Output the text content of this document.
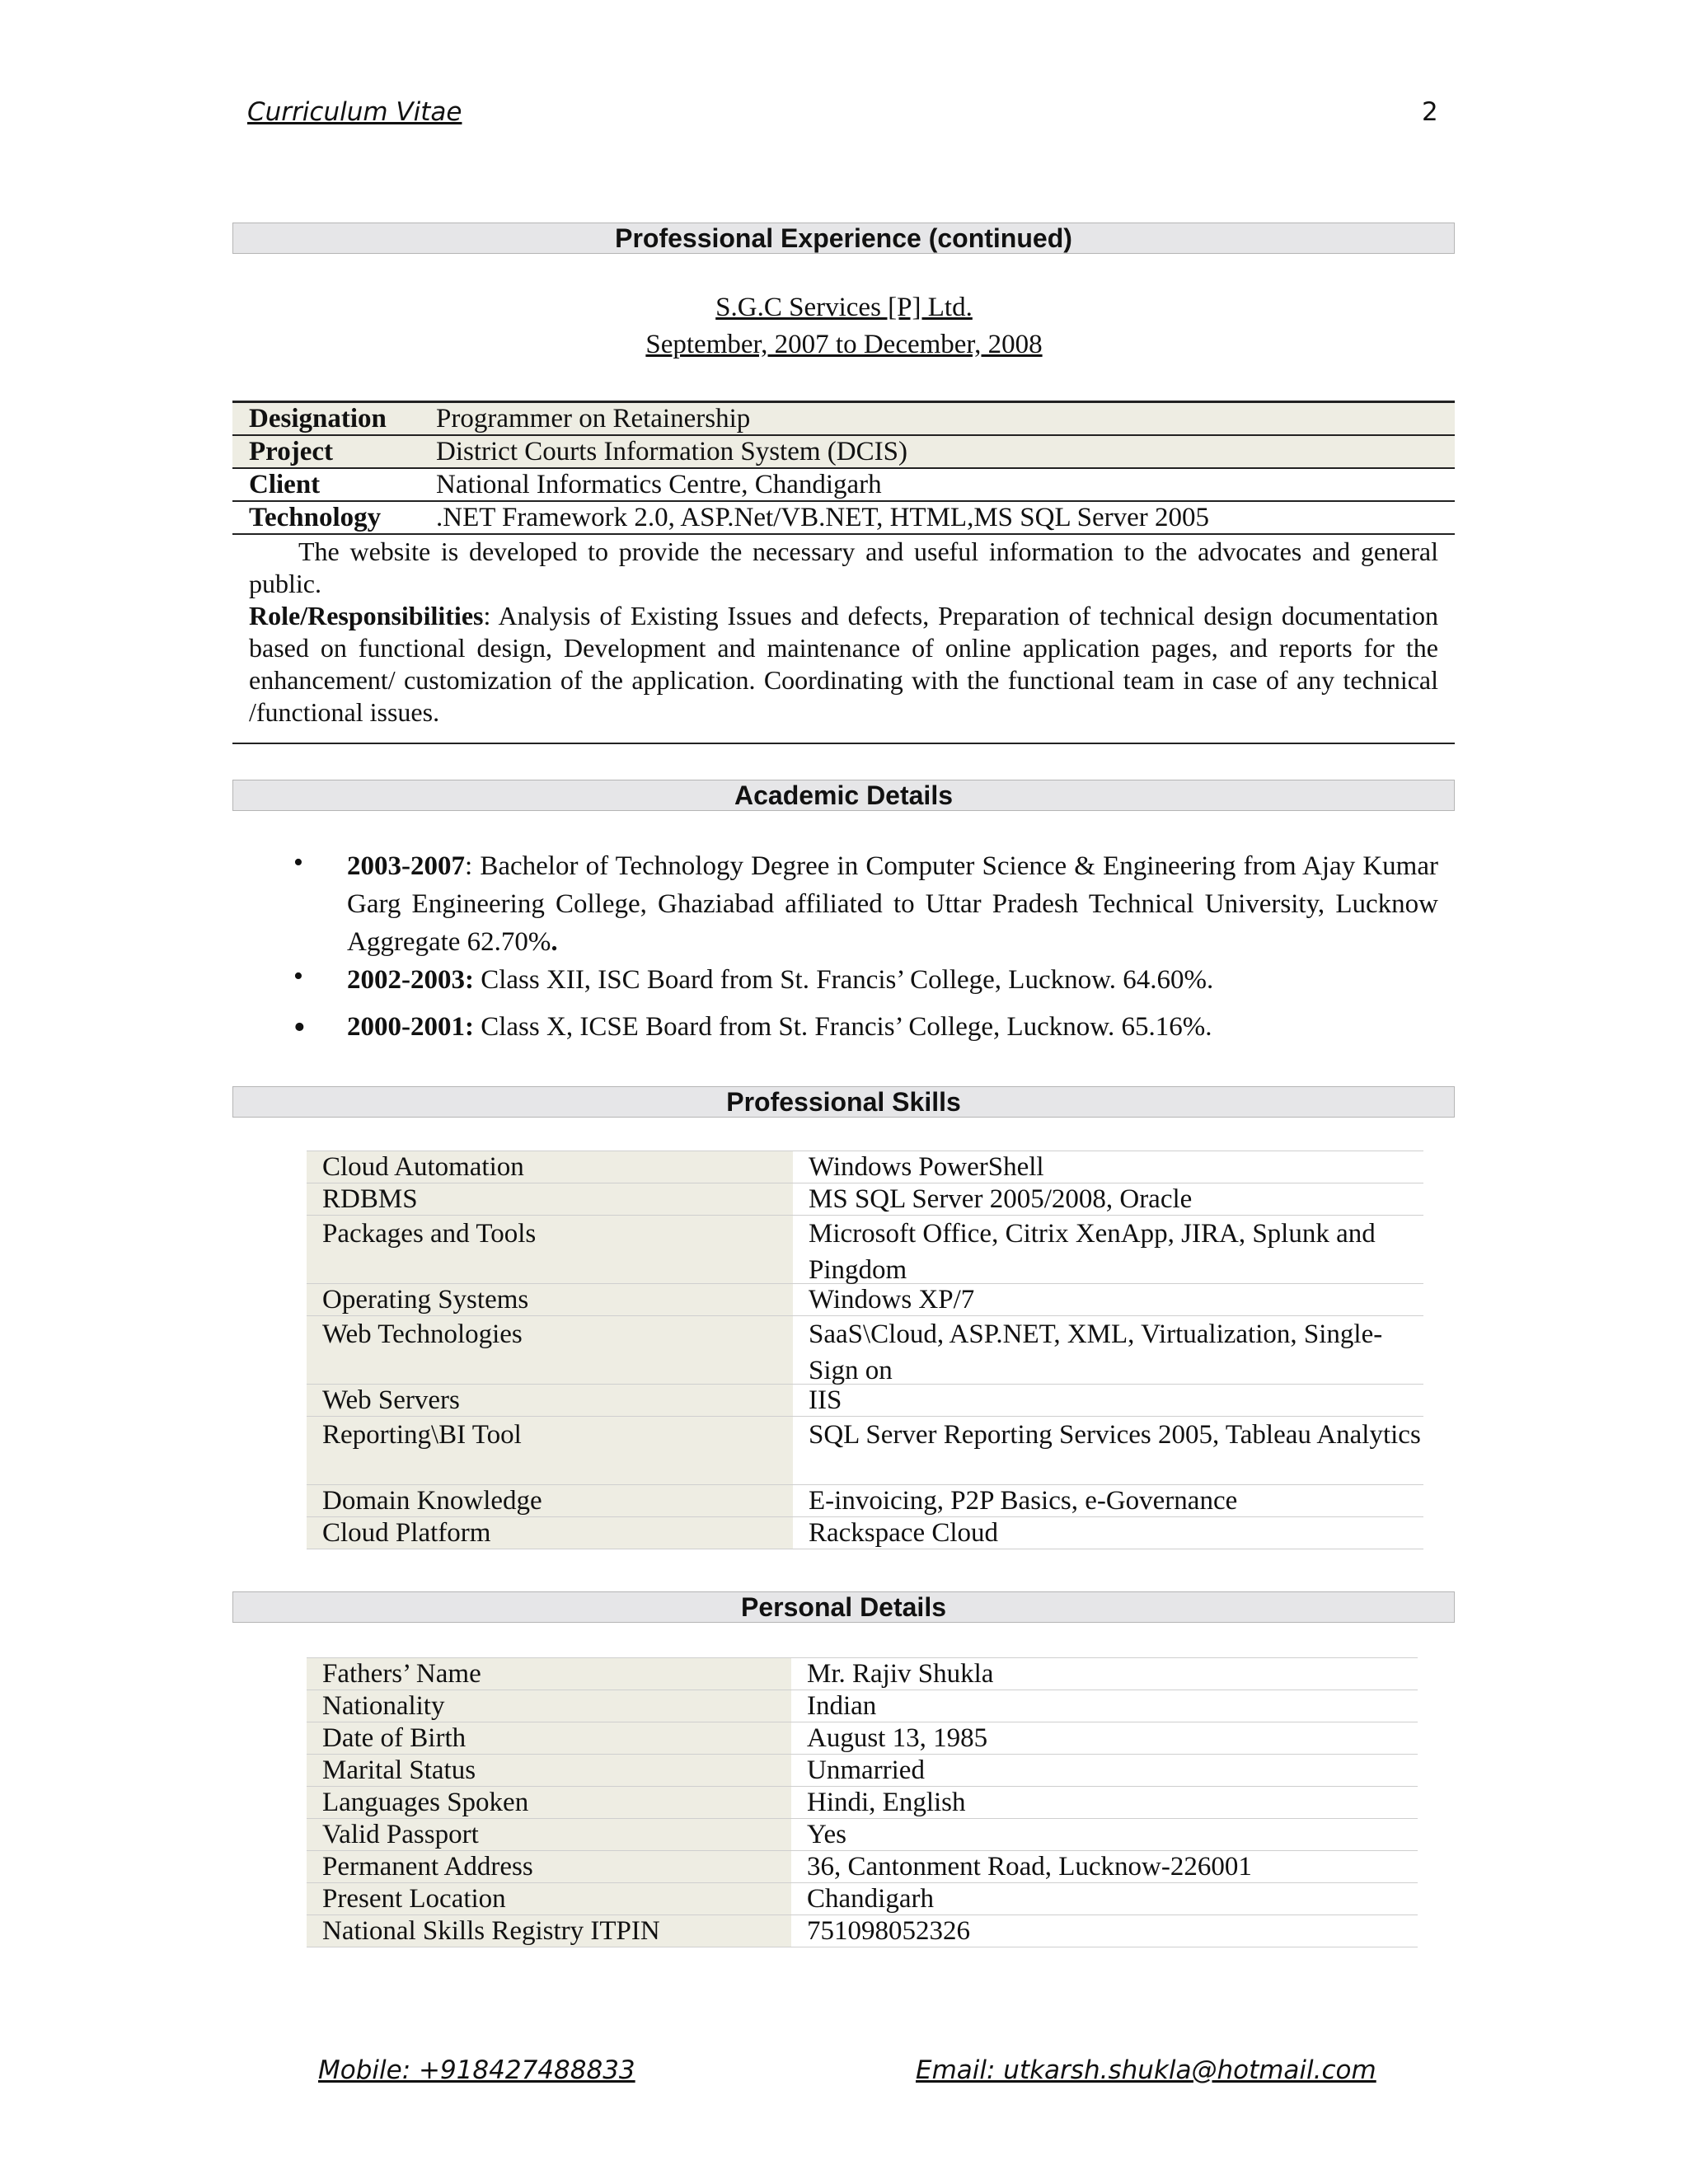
Curriculum Vitae	2
Professional Experience (continued)
S.G.C Services [P] Ltd.
September, 2007 to December, 2008
Designation	Programmer on Retainership
Project	District Courts Information System (DCIS)
Client	National Informatics Centre, Chandigarh
Technology	.NET Framework 2.0, ASP.Net/VB.NET, HTML,MS SQL Server 2005
The website is developed to provide the necessary and useful information to the advocates and general public.
Role/Responsibilities: Analysis of Existing Issues and defects, Preparation of technical design documentation based on functional design, Development and maintenance of online application pages, and reports for the enhancement/ customization of the application. Coordinating with the functional team in case of any technical /functional issues.
Academic Details
•	2003-2007: Bachelor of Technology Degree in Computer Science & Engineering from Ajay Kumar Garg Engineering College, Ghaziabad affiliated to Uttar Pradesh Technical University, Lucknow Aggregate 62.70%.
•	2002-2003: Class XII, ISC Board from St. Francis’ College, Lucknow. 64.60%.
•	2000-2001: Class X, ICSE Board from St. Francis’ College, Lucknow. 65.16%.
Professional Skills
Cloud Automation	Windows PowerShell
RDBMS	MS SQL Server 2005/2008, Oracle
Packages and Tools	Microsoft Office, Citrix XenApp, JIRA, Splunk and Pingdom
Operating Systems	Windows XP/7
Web Technologies	SaaS\Cloud, ASP.NET, XML, Virtualization, Single-Sign on
Web Servers	IIS
Reporting\BI Tool	SQL Server Reporting Services 2005, Tableau Analytics
Domain Knowledge	E-invoicing, P2P Basics, e-Governance
Cloud Platform	Rackspace Cloud
Personal Details
Fathers’ Name	Mr. Rajiv Shukla
Nationality	Indian
Date of Birth	August 13, 1985
Marital Status	Unmarried
Languages Spoken	Hindi, English
Valid Passport	Yes
Permanent Address	36, Cantonment Road, Lucknow-226001
Present Location	Chandigarh
National Skills Registry ITPIN	751098052326
Mobile: +918427488833	Email: utkarsh.shukla@hotmail.com
